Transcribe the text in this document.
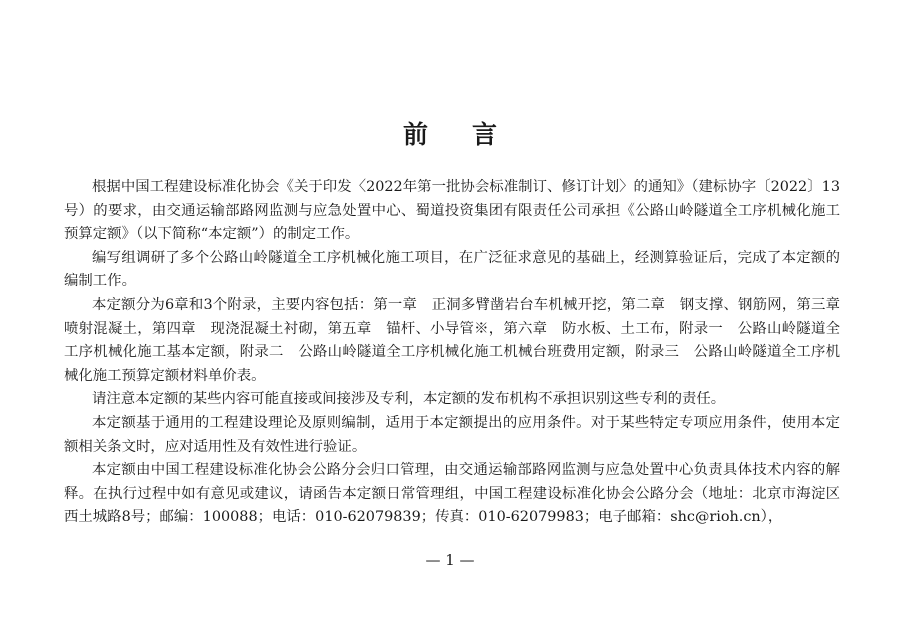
前言

根据中国工程建设标准化协会《关于印发〈2022年第一批协会标准制订、修订计划〉的通知》（建标协字〔2022〕13号）的要求，由交通运输部路网监测与应急处置中心、蜀道投资集团有限责任公司承担《公路山岭隧道全工序机械化施工预算定额》（以下简称“本定额”）的制定工作。

编写组调研了多个公路山岭隧道全工序机械化施工项目，在广泛征求意见的基础上，经测算验证后，完成了本定额的编制工作。

本定额分为6章和3个附录，主要内容包括：第一章　正洞多臂凿岩台车机械开挖，第二章　钢支撑、钢筋网，第三章　喷射混凝土，第四章　现浇混凝土衬砌，第五章　锚杆、小导管※，第六章　防水板、土工布，附录一　公路山岭隧道全工序机械化施工基本定额，附录二　公路山岭隧道全工序机械化施工机械台班费用定额，附录三　公路山岭隧道全工序机械化施工预算定额材料单价表。

请注意本定额的某些内容可能直接或间接涉及专利，本定额的发布机构不承担识别这些专利的责任。

本定额基于通用的工程建设理论及原则编制，适用于本定额提出的应用条件。对于某些特定专项应用条件，使用本定额相关条文时，应对适用性及有效性进行验证。

本定额由中国工程建设标准化协会公路分会归口管理，由交通运输部路网监测与应急处置中心负责具体技术内容的解释。在执行过程中如有意见或建议，请函告本定额日常管理组，中国工程建设标准化协会公路分会（地址：北京市海淀区西土城路8号；邮编：100088；电话：010-62079839；传真：010-62079983；电子邮箱：shc@rioh.cn），

— 1 —
